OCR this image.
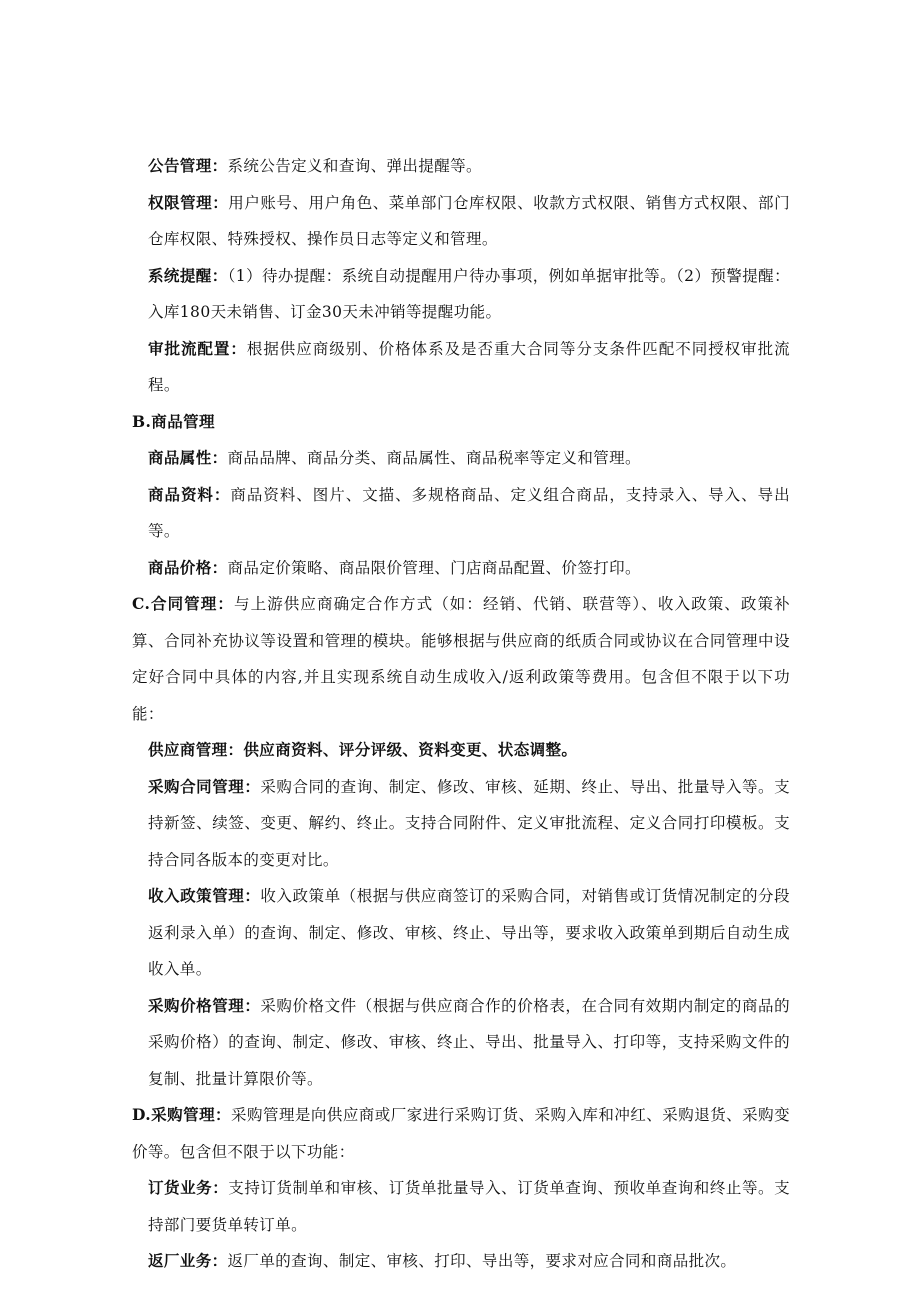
公告管理：系统公告定义和查询、弹出提醒等。

权限管理：用户账号、用户角色、菜单部门仓库权限、收款方式权限、销售方式权限、部门仓库权限、特殊授权、操作员日志等定义和管理。

系统提醒：（1）待办提醒：系统自动提醒用户待办事项，例如单据审批等。（2）预警提醒：入库180天未销售、订金30天未冲销等提醒功能。

审批流配置：根据供应商级别、价格体系及是否重大合同等分支条件匹配不同授权审批流程。

B.商品管理

商品属性：商品品牌、商品分类、商品属性、商品税率等定义和管理。

商品资料：商品资料、图片、文描、多规格商品、定义组合商品，支持录入、导入、导出等。

商品价格：商品定价策略、商品限价管理、门店商品配置、价签打印。

C.合同管理：与上游供应商确定合作方式（如：经销、代销、联营等）、收入政策、政策补算、合同补充协议等设置和管理的模块。能够根据与供应商的纸质合同或协议在合同管理中设定好合同中具体的内容,并且实现系统自动生成收入/返利政策等费用。包含但不限于以下功能：

供应商管理：供应商资料、评分评级、资料变更、状态调整。

采购合同管理：采购合同的查询、制定、修改、审核、延期、终止、导出、批量导入等。支持新签、续签、变更、解约、终止。支持合同附件、定义审批流程、定义合同打印模板。支持合同各版本的变更对比。

收入政策管理：收入政策单（根据与供应商签订的采购合同，对销售或订货情况制定的分段返利录入单）的查询、制定、修改、审核、终止、导出等，要求收入政策单到期后自动生成收入单。

采购价格管理：采购价格文件（根据与供应商合作的价格表，在合同有效期内制定的商品的采购价格）的查询、制定、修改、审核、终止、导出、批量导入、打印等，支持采购文件的复制、批量计算限价等。

D.采购管理：采购管理是向供应商或厂家进行采购订货、采购入库和冲红、采购退货、采购变价等。包含但不限于以下功能：

订货业务：支持订货制单和审核、订货单批量导入、订货单查询、预收单查询和终止等。支持部门要货单转订单。

返厂业务：返厂单的查询、制定、审核、打印、导出等，要求对应合同和商品批次。
